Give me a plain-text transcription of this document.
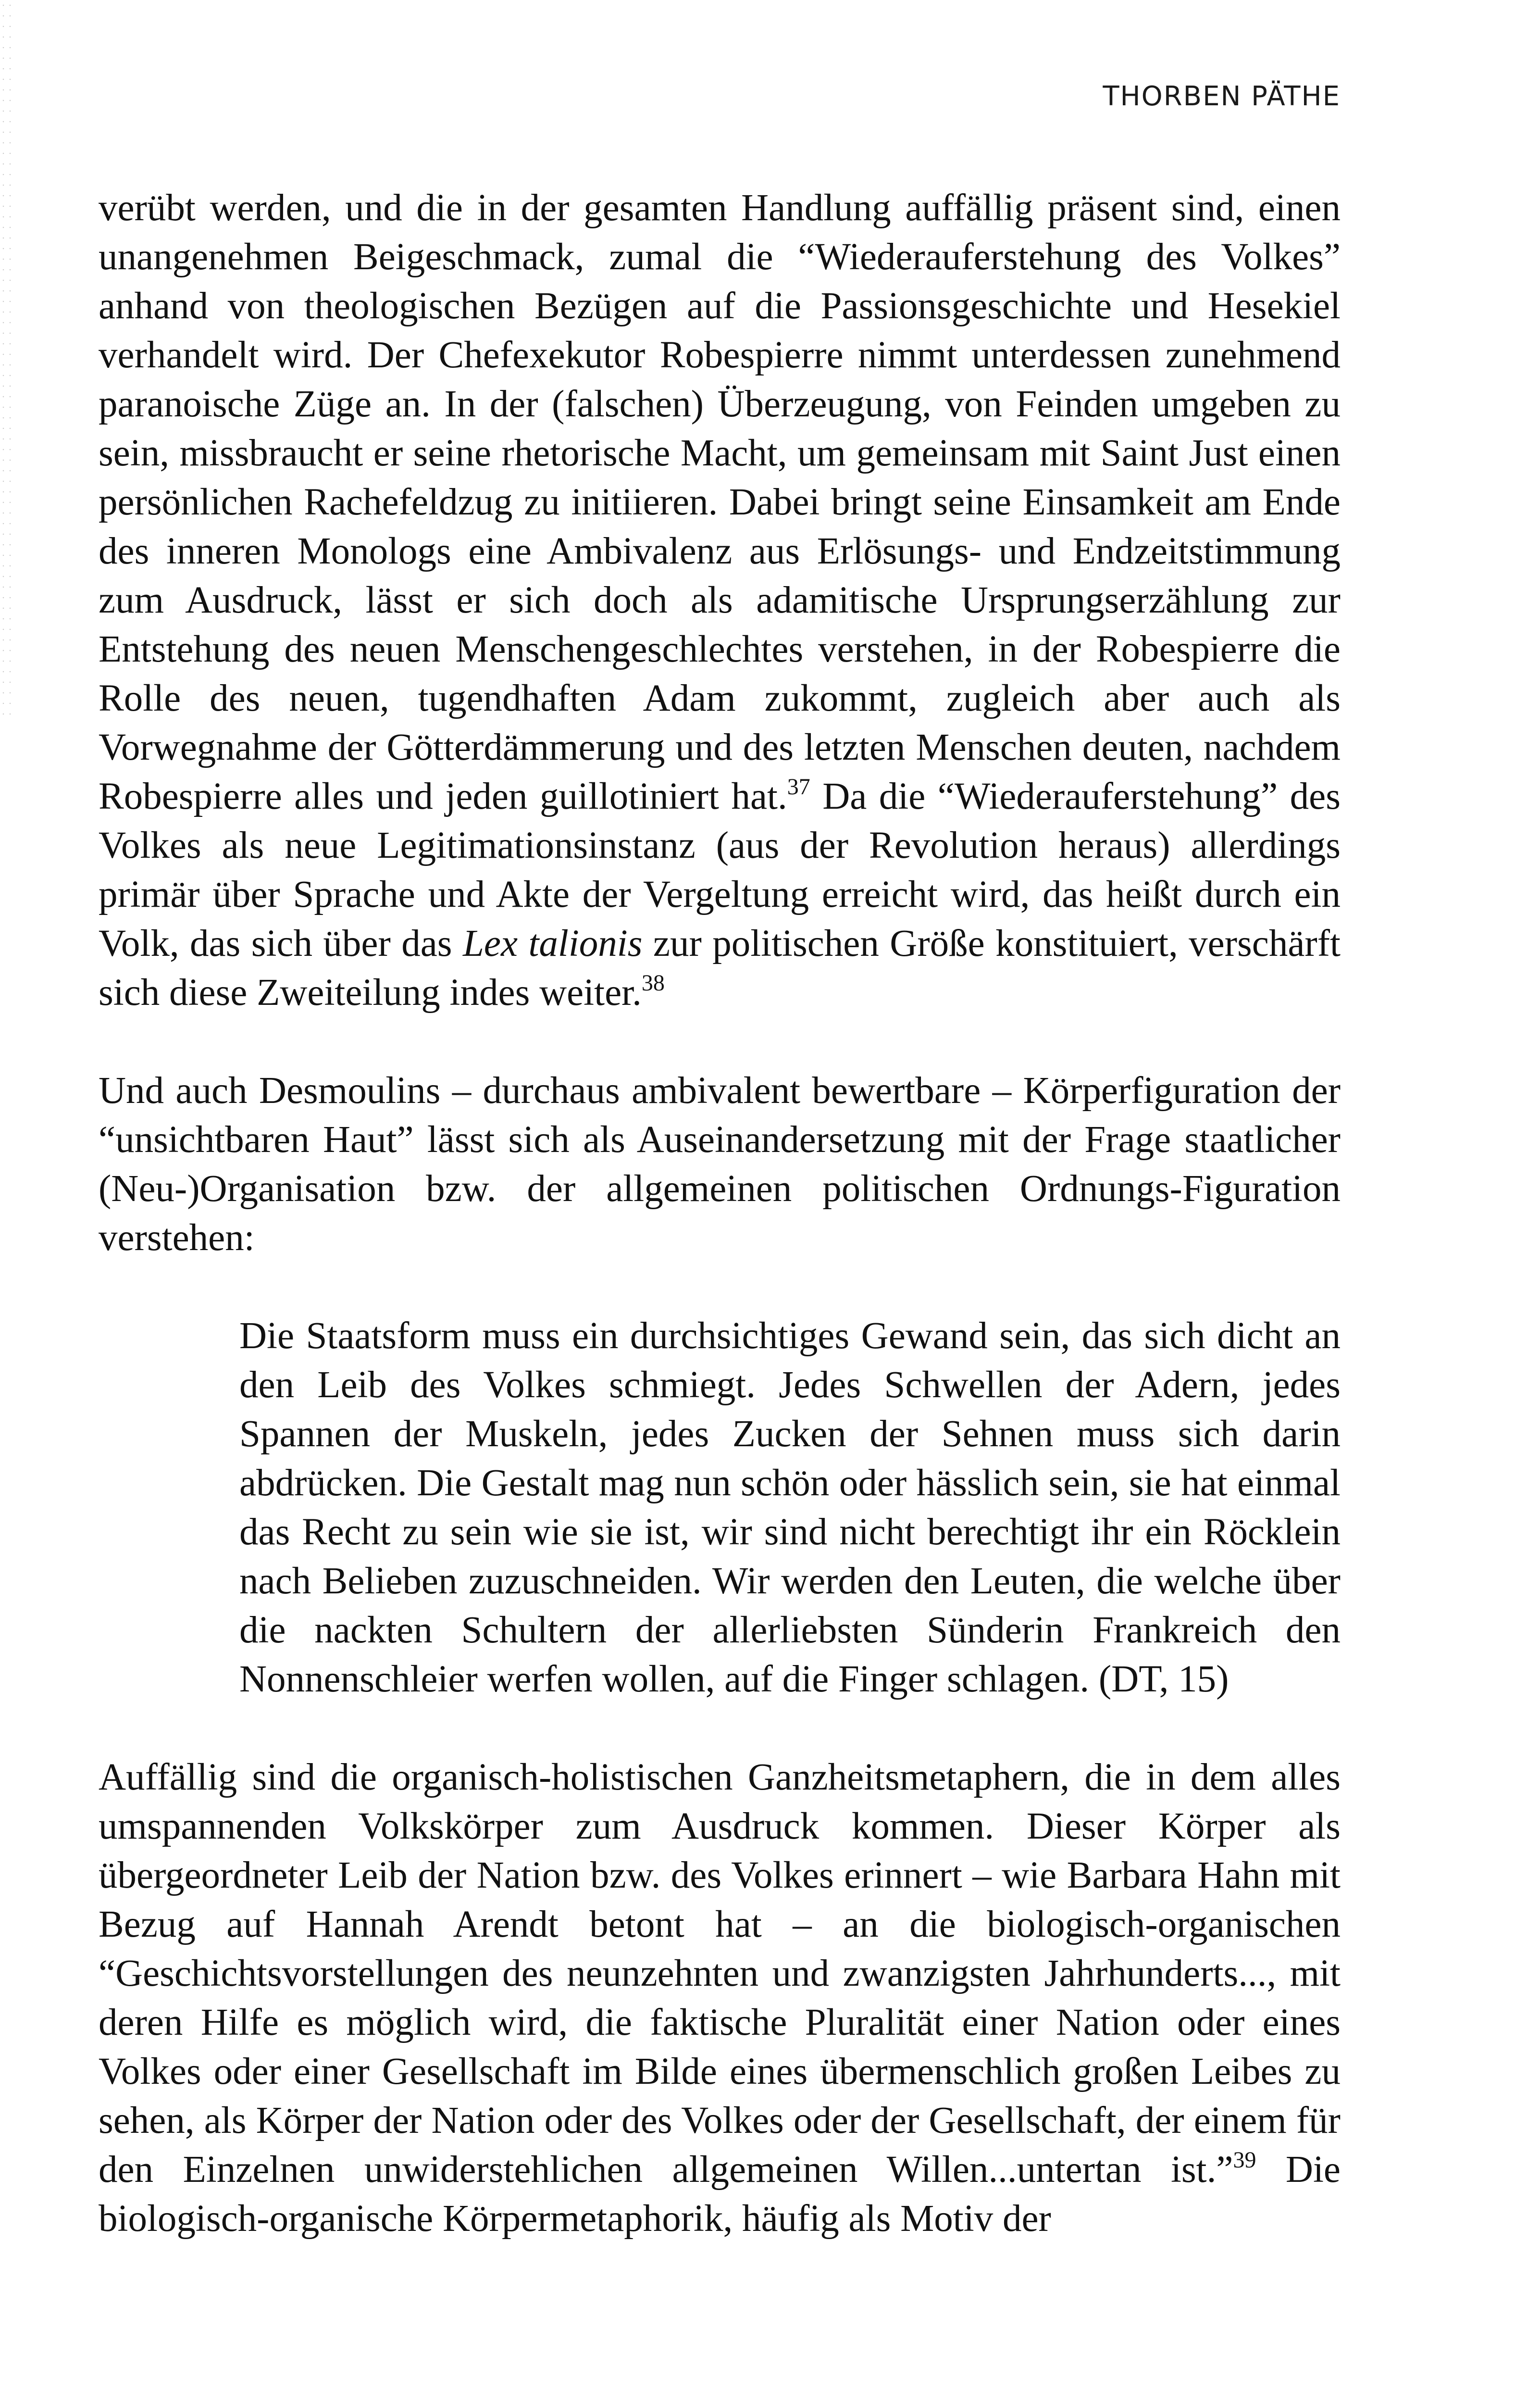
THORBEN PÄTHE

verübt werden, und die in der gesamten Handlung auffällig präsent sind, einen unangenehmen Beigeschmack, zumal die “Wiederauferstehung des Volkes” anhand von theologischen Bezügen auf die Passionsgeschichte und Hesekiel verhandelt wird. Der Chefexekutor Robespierre nimmt unterdessen zunehmend paranoische Züge an. In der (falschen) Überzeugung, von Feinden umgeben zu sein, missbraucht er seine rhetorische Macht, um gemeinsam mit Saint Just einen persönlichen Rachefeldzug zu initiieren. Dabei bringt seine Einsamkeit am Ende des inneren Monologs eine Ambivalenz aus Erlösungs- und Endzeitstimmung zum Ausdruck, lässt er sich doch als adamitische Ursprungserzählung zur Entstehung des neuen Menschengeschlechtes verstehen, in der Robespierre die Rolle des neuen, tugendhaften Adam zukommt, zugleich aber auch als Vorwegnahme der Götterdämmerung und des letzten Menschen deuten, nachdem Robespierre alles und jeden guillotiniert hat.$^{37}$ Da die “Wiederauferstehung” des Volkes als neue Legitimationsinstanz (aus der Revolution heraus) allerdings primär über Sprache und Akte der Vergeltung erreicht wird, das heißt durch ein Volk, das sich über das Lex talionis zur politischen Größe konstituiert, verschärft sich diese Zweiteilung indes weiter.$^{38}$

Und auch Desmoulins – durchaus ambivalent bewertbare – Körperfiguration der “unsichtbaren Haut” lässt sich als Auseinandersetzung mit der Frage staatlicher (Neu-)Organisation bzw. der allgemeinen politischen Ordnungs-Figuration verstehen:

Die Staatsform muss ein durchsichtiges Gewand sein, das sich dicht an den Leib des Volkes schmiegt. Jedes Schwellen der Adern, jedes Spannen der Muskeln, jedes Zucken der Sehnen muss sich darin abdrücken. Die Gestalt mag nun schön oder hässlich sein, sie hat einmal das Recht zu sein wie sie ist, wir sind nicht berechtigt ihr ein Röcklein nach Belieben zuzuschneiden. Wir werden den Leuten, die welche über die nackten Schultern der allerliebsten Sünderin Frankreich den Nonnenschleier werfen wollen, auf die Finger schlagen. (DT, 15)

Auffällig sind die organisch-holistischen Ganzheitsmetaphern, die in dem alles umspannenden Volkskörper zum Ausdruck kommen. Dieser Körper als übergeordneter Leib der Nation bzw. des Volkes erinnert – wie Barbara Hahn mit Bezug auf Hannah Arendt betont hat – an die biologisch-organischen “Geschichtsvorstellungen des neunzehnten und zwanzigsten Jahrhunderts..., mit deren Hilfe es möglich wird, die faktische Pluralität einer Nation oder eines Volkes oder einer Gesellschaft im Bilde eines übermenschlich großen Leibes zu sehen, als Körper der Nation oder des Volkes oder der Gesellschaft, der einem für den Einzelnen unwiderstehlichen allgemeinen Willen...untertan ist.”$^{39}$ Die biologisch-organische Körpermetaphorik, häufig als Motiv der
